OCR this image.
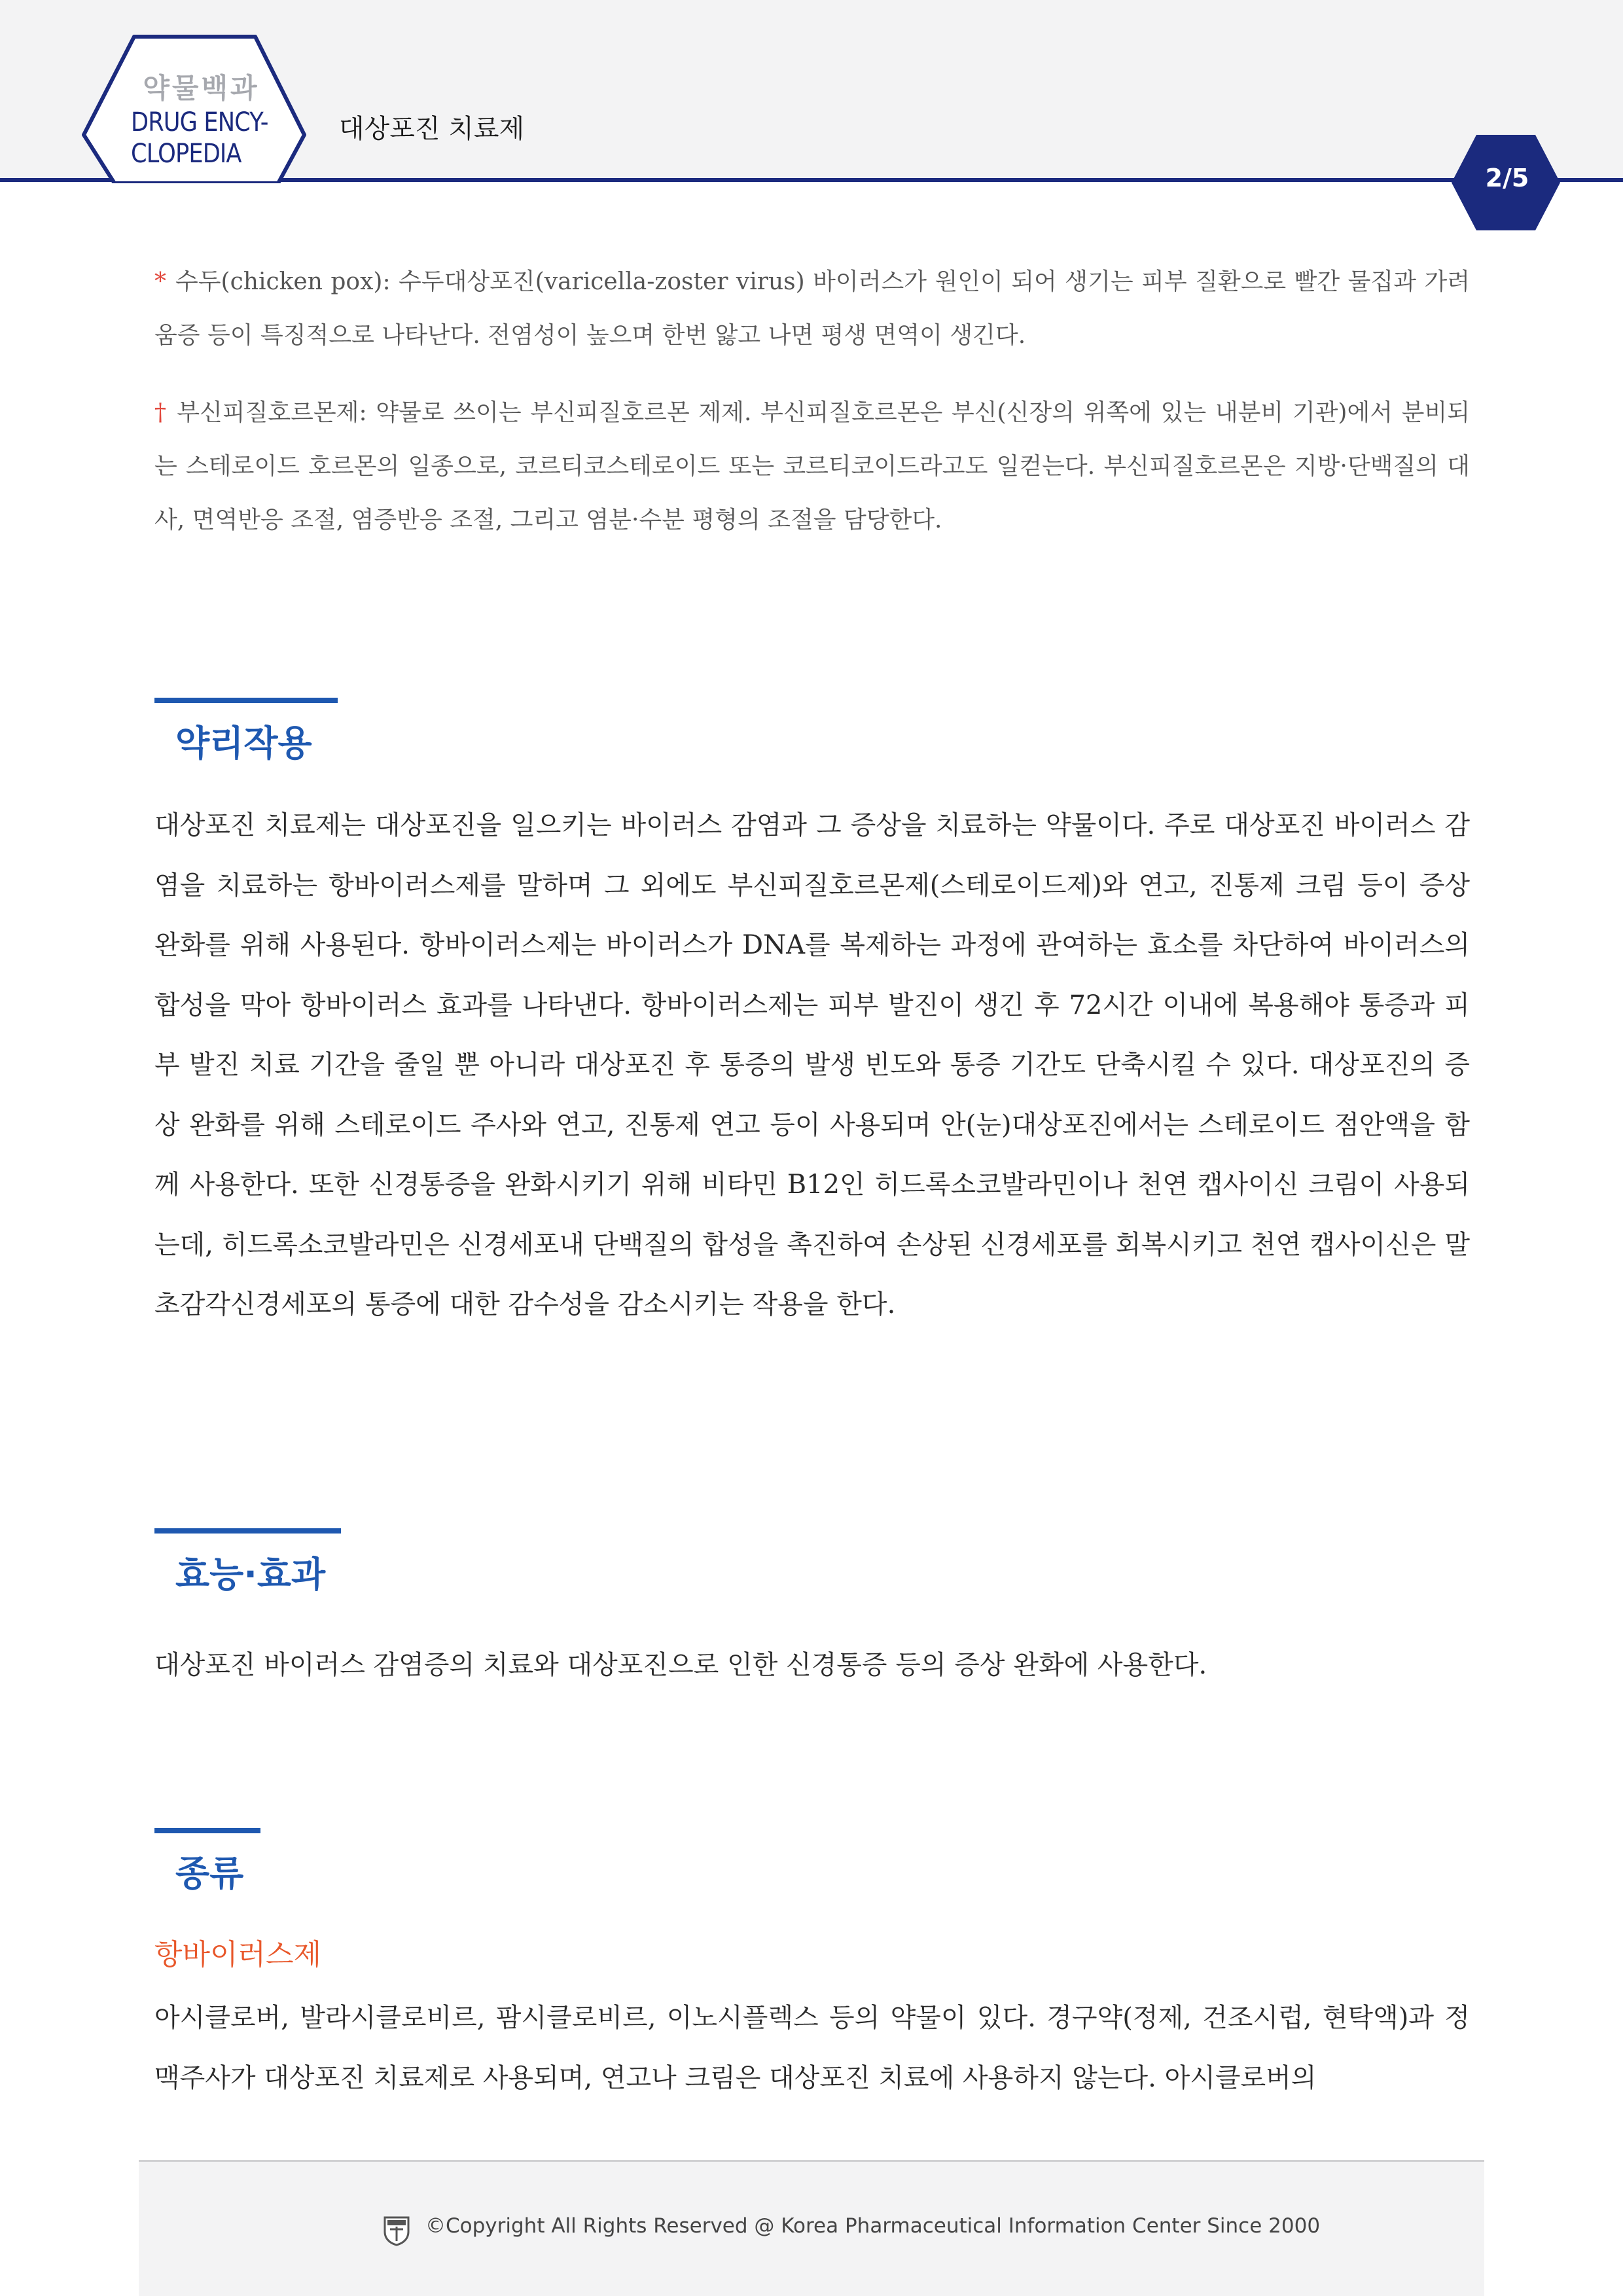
약물백과
DRUG ENCY-
CLOPEDIA
대상포진 치료제
2/5
* 수두(chicken pox): 수두대상포진(varicella-zoster virus) 바이러스가 원인이 되어 생기는 피부 질환으로 빨간 물집과 가려움증 등이 특징적으로 나타난다. 전염성이 높으며 한번 앓고 나면 평생 면역이 생긴다.
† 부신피질호르몬제: 약물로 쓰이는 부신피질호르몬 제제. 부신피질호르몬은 부신(신장의 위쪽에 있는 내분비 기관)에서 분비되는 스테로이드 호르몬의 일종으로, 코르티코스테로이드 또는 코르티코이드라고도 일컫는다. 부신피질호르몬은 지방·단백질의 대사, 면역반응 조절, 염증반응 조절, 그리고 염분·수분 평형의 조절을 담당한다.
약리작용
대상포진 치료제는 대상포진을 일으키는 바이러스 감염과 그 증상을 치료하는 약물이다. 주로 대상포진 바이러스 감염을 치료하는 항바이러스제를 말하며 그 외에도 부신피질호르몬제(스테로이드제)와 연고, 진통제 크림 등이 증상 완화를 위해 사용된다. 항바이러스제는 바이러스가 DNA를 복제하는 과정에 관여하는 효소를 차단하여 바이러스의 합성을 막아 항바이러스 효과를 나타낸다. 항바이러스제는 피부 발진이 생긴 후 72시간 이내에 복용해야 통증과 피부 발진 치료 기간을 줄일 뿐 아니라 대상포진 후 통증의 발생 빈도와 통증 기간도 단축시킬 수 있다. 대상포진의 증상 완화를 위해 스테로이드 주사와 연고, 진통제 연고 등이 사용되며 안(눈)대상포진에서는 스테로이드 점안액을 함께 사용한다. 또한 신경통증을 완화시키기 위해 비타민 B12인 히드록소코발라민이나 천연 캡사이신 크림이 사용되는데, 히드록소코발라민은 신경세포내 단백질의 합성을 촉진하여 손상된 신경세포를 회복시키고 천연 캡사이신은 말초감각신경세포의 통증에 대한 감수성을 감소시키는 작용을 한다.
효능·효과
대상포진 바이러스 감염증의 치료와 대상포진으로 인한 신경통증 등의 증상 완화에 사용한다.
종류
항바이러스제
아시클로버, 발라시클로비르, 팜시클로비르, 이노시플렉스 등의 약물이 있다. 경구약(정제, 건조시럽, 현탁액)과 정맥주사가 대상포진 치료제로 사용되며, 연고나 크림은 대상포진 치료에 사용하지 않는다. 아시클로버의
©Copyright All Rights Reserved @ Korea Pharmaceutical Information Center Since 2000
